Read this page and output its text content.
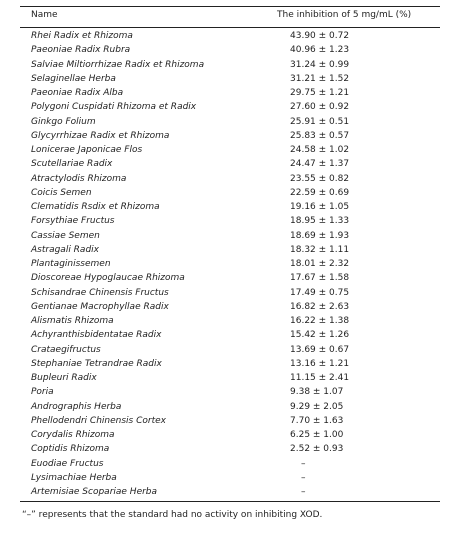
Name	The inhibition of 5 mg/mL (%)
Rhei Radix et Rhizoma	43.90 ± 0.72
Paeoniae Radix Rubra	40.96 ± 1.23
Salviae Miltiorrhizae Radix et Rhizoma	31.24 ± 0.99
Selaginellae Herba	31.21 ± 1.52
Paeoniae Radix Alba	29.75 ± 1.21
Polygoni Cuspidati Rhizoma et Radix	27.60 ± 0.92
Ginkgo Folium	25.91 ± 0.51
Glycyrrhizae Radix et Rhizoma	25.83 ± 0.57
Lonicerae Japonicae Flos	24.58 ± 1.02
Scutellariae Radix	24.47 ± 1.37
Atractylodis Rhizoma	23.55 ± 0.82
Coicis Semen	22.59 ± 0.69
Clematidis Rsdix et Rhizoma	19.16 ± 1.05
Forsythiae Fructus	18.95 ± 1.33
Cassiae Semen	18.69 ± 1.93
Astragali Radix	18.32 ± 1.11
Plantaginissemen	18.01 ± 2.32
Dioscoreae Hypoglaucae Rhizoma	17.67 ± 1.58
Schisandrae Chinensis Fructus	17.49 ± 0.75
Gentianae Macrophyllae Radix	16.82 ± 2.63
Alismatis Rhizoma	16.22 ± 1.38
Achyranthisbidentatae Radix	15.42 ± 1.26
Crataegifructus	13.69 ± 0.67
Stephaniae Tetrandrae Radix	13.16 ± 1.21
Bupleuri Radix	11.15 ± 2.41
Poria	9.38 ± 1.07
Andrographis Herba	9.29 ± 2.05
Phellodendri Chinensis Cortex	7.70 ± 1.63
Corydalis Rhizoma	6.25 ± 1.00
Coptidis Rhizoma	2.52 ± 0.93
Euodiae Fructus	–
Lysimachiae Herba	–
Artemisiae Scopariae Herba	–
“–” represents that the standard had no activity on inhibiting XOD.
